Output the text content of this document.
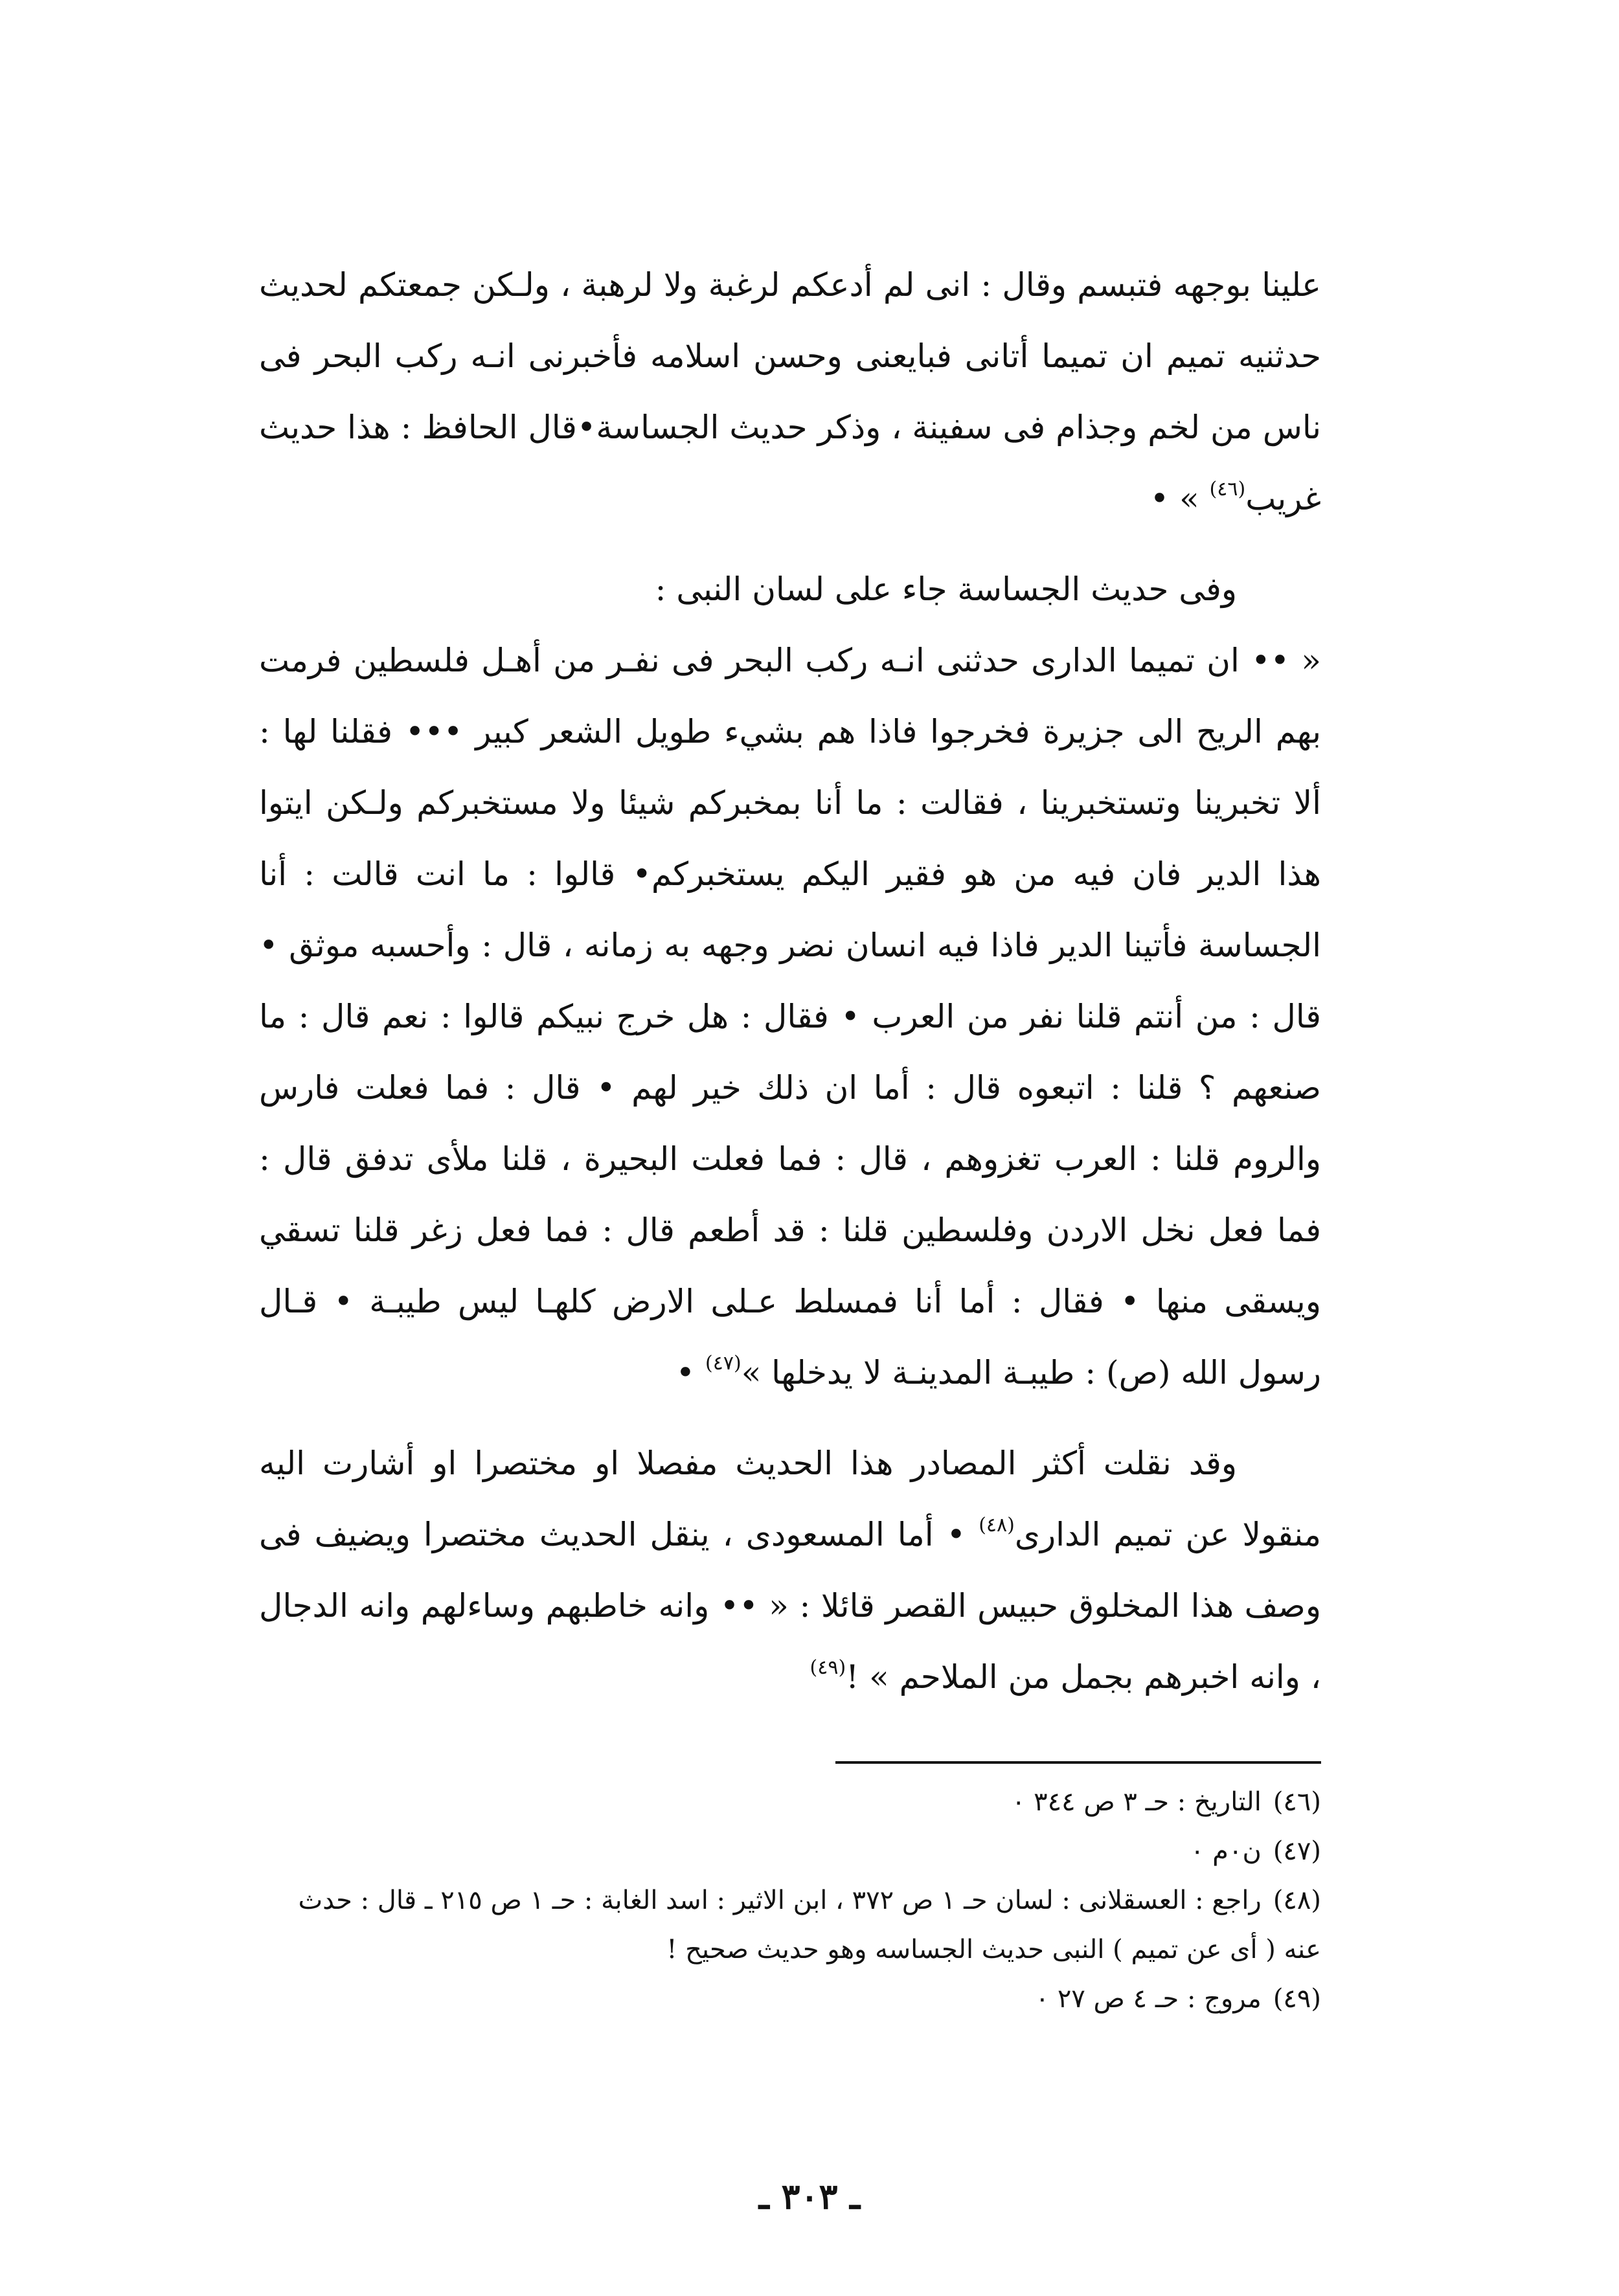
علينا بوجهه فتبسم وقال : انى لم أدعكم لرغبة ولا لرهبة ، ولـكن جمعتكم لحديث حدثنيه تميم ان تميما أتانى فبايعنى وحسن اسلامه فأخبرنى انـه ركب البحر فى ناس من لخم وجذام فى سفينة ، وذكر حديث الجساسة•قال الحافظ : هذا حديث غريب$^{(٤٦)}$ » •

وفى حديث الجساسة جاء على لسان النبى :

« •• ان تميما الدارى حدثنى انـه ركب البحر فى نفـر من أهـل فلسطين فرمت بهم الريح الى جزيرة فخرجوا فاذا هم بشيء طويل الشعر كبير ••• فقلنا لها : ألا تخبرينا وتستخبرينا ، فقالت : ما أنا بمخبركم شيئا ولا مستخبركم ولـكن ايتوا هذا الدير فان فيه من هو فقير اليكم يستخبركم• قالوا : ما انت قالت : أنا الجساسة فأتينا الدير فاذا فيه انسان نضر وجهه به زمانه ، قال : وأحسبه موثق • قال : من أنتم قلنا نفر من العرب • فقال : هل خرج نبيكم قالوا : نعم قال : ما صنعهم ؟ قلنا : اتبعوه قال : أما ان ذلك خير لهم • قال : فما فعلت فارس والروم قلنا : العرب تغزوهم ، قال : فما فعلت البحيرة ، قلنا ملأى تدفق قال : فما فعل نخل الاردن وفلسطين قلنا : قد أطعم قال : فما فعل زغر قلنا تسقي ويسقى منها • فقال : أما أنا فمسلط عـلى الارض كلهـا ليس طيبـة • قـال رسول الله (ص) : طيبـة المدينـة لا يدخلها »$^{(٤٧)}$ •

وقد نقلت أكثر المصادر هذا الحديث مفصلا او مختصرا او أشارت اليه منقولا عن تميم الدارى$^{(٤٨)}$ • أما المسعودى ، ينقل الحديث مختصرا ويضيف فى وصف هذا المخلوق حبيس القصر قائلا : « •• وانه خاطبهم وساءلهم وانه الدجال ، وانه اخبرهم بجمل من الملاحم » !$^{(٤٩)}$

(٤٦)التاريخ : حـ ٣ ص ٣٤٤ ٠

(٤٧)ن٠م ٠

(٤٨)راجع : العسقلانى : لسان حـ ١ ص ٣٧٢ ، ابن الاثير : اسد الغابة : حـ ١ ص ٢١٥ ـ قال : حدث عنه ( أى عن تميم ) النبى حديث الجساسه وهو حديث صحيح !

(٤٩)مروج : حـ ٤ ص ٢٧ ٠

ـ ٣٠٣ ـ
